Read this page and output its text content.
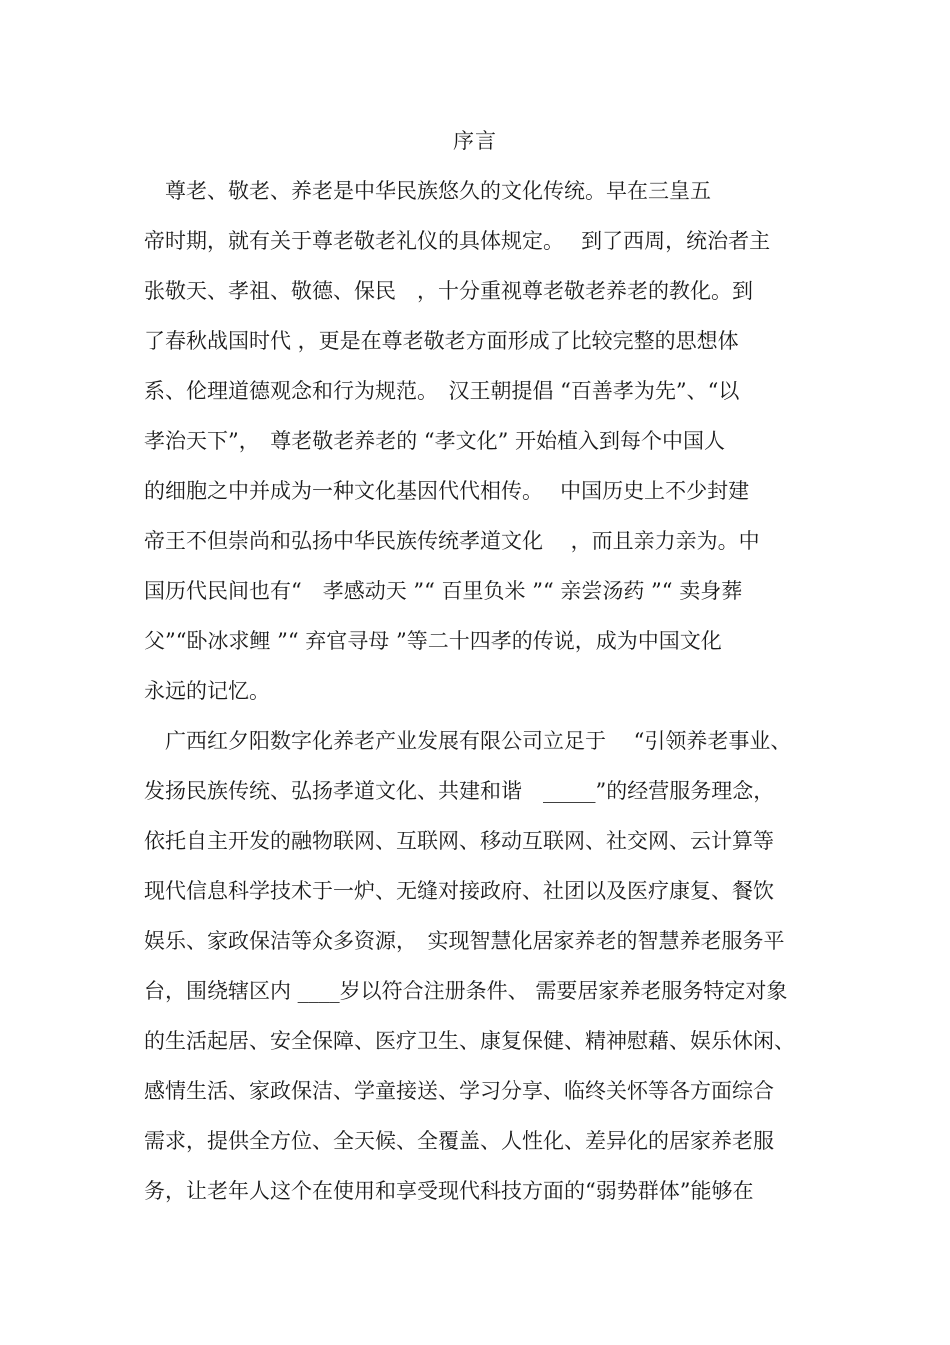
序言
　尊老、敬老、养老是中华民族悠久的文化传统。早在三皇五
帝时期，就有关于尊老敬老礼仪的具体规定。　 到了西周，统治者主
张敬天、孝祖、敬德、保民　，十分重视尊老敬老养老的教化。到
了春秋战国时代 ，更是在尊老敬老方面形成了比较完整的思想体
系、伦理道德观念和行为规范。　汉王朝提倡 “百善孝为先”、“以
孝治天下”，　尊老敬老养老的 “孝文化” 开始植入到每个中国人
的细胞之中并成为一种文化基因代代相传。　 中国历史上不少封建
帝王不但崇尚和弘扬中华民族传统孝道文化　 ，而且亲力亲为。中
国历代民间也有“　孝感动天 ”“ 百里负米 ”“ 亲尝汤药 ”“ 卖身葬
父”“卧冰求鲤 ”“ 弃官寻母 ”等二十四孝的传说，成为中国文化
永远的记忆。
　广西红夕阳数字化养老产业发展有限公司立足于　 “引领养老事业、
发扬民族传统、弘扬孝道文化、共建和谐　_____”的经营服务理念，
依托自主开发的融物联网、互联网、移动互联网、社交网、云计算等
现代信息科学技术于一炉、无缝对接政府、社团以及医疗康复、餐饮
娱乐、家政保洁等众多资源，　实现智慧化居家养老的智慧养老服务平
台，围绕辖区内 ____岁以符合注册条件、 需要居家养老服务特定对象
的生活起居、安全保障、医疗卫生、康复保健、精神慰藉、娱乐休闲、
感情生活、家政保洁、学童接送、学习分享、临终关怀等各方面综合
需求，提供全方位、全天候、全覆盖、人性化、差异化的居家养老服
务，让老年人这个在使用和享受现代科技方面的“弱势群体”能够在
